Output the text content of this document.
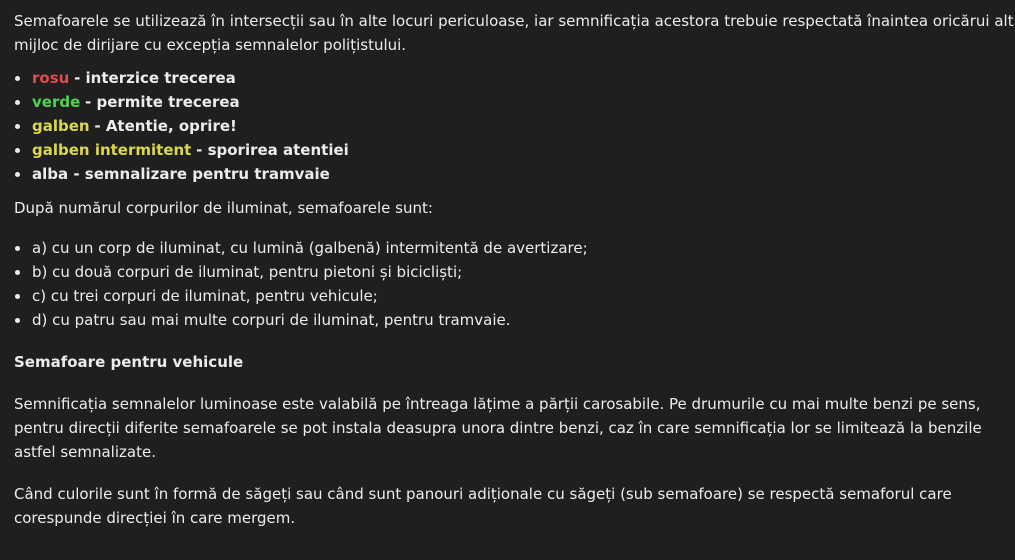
Semafoarele se utilizează în intersecții sau în alte locuri periculoase, iar semnificația acestora trebuie respectată înaintea oricărui alt mijloc de dirijare cu excepția semnalelor polițistului.

rosu - interzice trecerea
verde - permite trecerea
galben - Atentie, oprire!
galben intermitent - sporirea atentiei
alba - semnalizare pentru tramvaie

După numărul corpurilor de iluminat, semafoarele sunt:

a) cu un corp de iluminat, cu lumină (galbenă) intermitentă de avertizare;
b) cu două corpuri de iluminat, pentru pietoni și bicicliști;
c) cu trei corpuri de iluminat, pentru vehicule;
d) cu patru sau mai multe corpuri de iluminat, pentru tramvaie.

Semafoare pentru vehicule

Semnificația semnalelor luminoase este valabilă pe întreaga lățime a părții carosabile. Pe drumurile cu mai multe benzi pe sens, pentru direcții diferite semafoarele se pot instala deasupra unora dintre benzi, caz în care semnificația lor se limitează la benzile astfel semnalizate.

Când culorile sunt în formă de săgeți sau când sunt panouri adiționale cu săgeți (sub semafoare) se respectă semaforul care corespunde direcției în care mergem.
